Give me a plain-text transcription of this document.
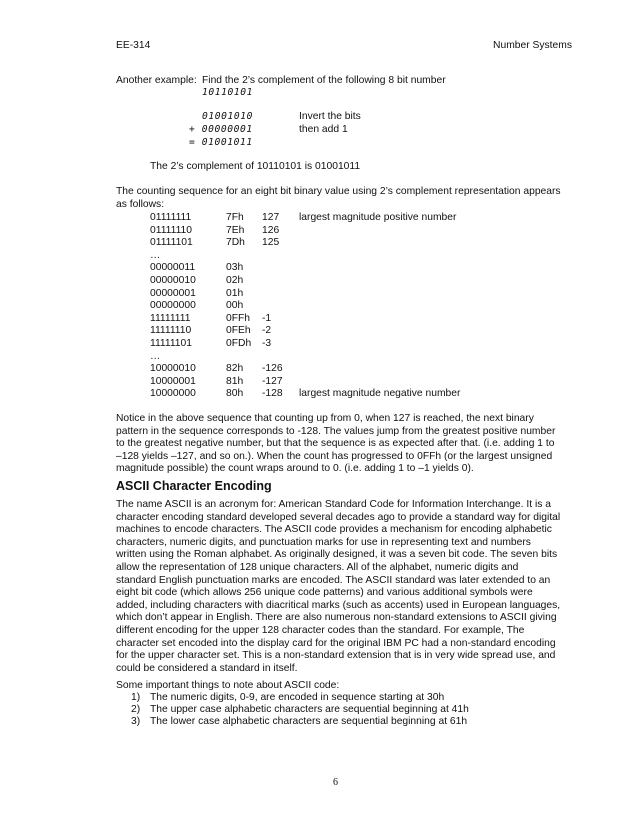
EE-314	Number Systems
Another example: Find the 2’s complement of the following 8 bit number
10110101
01001010	Invert the bits
+ 00000001	then add 1
= 01001011
The 2’s complement of 10110101 is 01001011
The counting sequence for an eight bit binary value using 2’s complement representation appears
as follows:
01111111	7Fh 127 largest magnitude positive number
01111110	7Eh 126
01111101	7Dh 125
…
00000011	03h
00000010	02h
00000001	01h
00000000	00h
11111111	0FFh -1
11111110	0FEh -2
11111101	0FDh -3
…
10000010	82h -126
10000001	81h -127
10000000	80h -128 largest magnitude negative number
Notice in the above sequence that counting up from 0, when 127 is reached, the next binary
pattern in the sequence corresponds to -128. The values jump from the greatest positive number
to the greatest negative number, but that the sequence is as expected after that. (i.e. adding 1 to
–128 yields –127, and so on.). When the count has progressed to 0FFh (or the largest unsigned
magnitude possible) the count wraps around to 0. (i.e. adding 1 to –1 yields 0).
ASCII Character Encoding
The name ASCII is an acronym for: American Standard Code for Information Interchange. It is a
character encoding standard developed several decades ago to provide a standard way for digital
machines to encode characters. The ASCII code provides a mechanism for encoding alphabetic
characters, numeric digits, and punctuation marks for use in representing text and numbers
written using the Roman alphabet. As originally designed, it was a seven bit code. The seven bits
allow the representation of 128 unique characters. All of the alphabet, numeric digits and
standard English punctuation marks are encoded. The ASCII standard was later extended to an
eight bit code (which allows 256 unique code patterns) and various additional symbols were
added, including characters with diacritical marks (such as accents) used in European languages,
which don’t appear in English. There are also numerous non-standard extensions to ASCII giving
different encoding for the upper 128 character codes than the standard. For example, The
character set encoded into the display card for the original IBM PC had a non-standard encoding
for the upper character set. This is a non-standard extension that is in very wide spread use, and
could be considered a standard in itself.
Some important things to note about ASCII code:
1) The numeric digits, 0-9, are encoded in sequence starting at 30h
2) The upper case alphabetic characters are sequential beginning at 41h
3) The lower case alphabetic characters are sequential beginning at 61h
6
